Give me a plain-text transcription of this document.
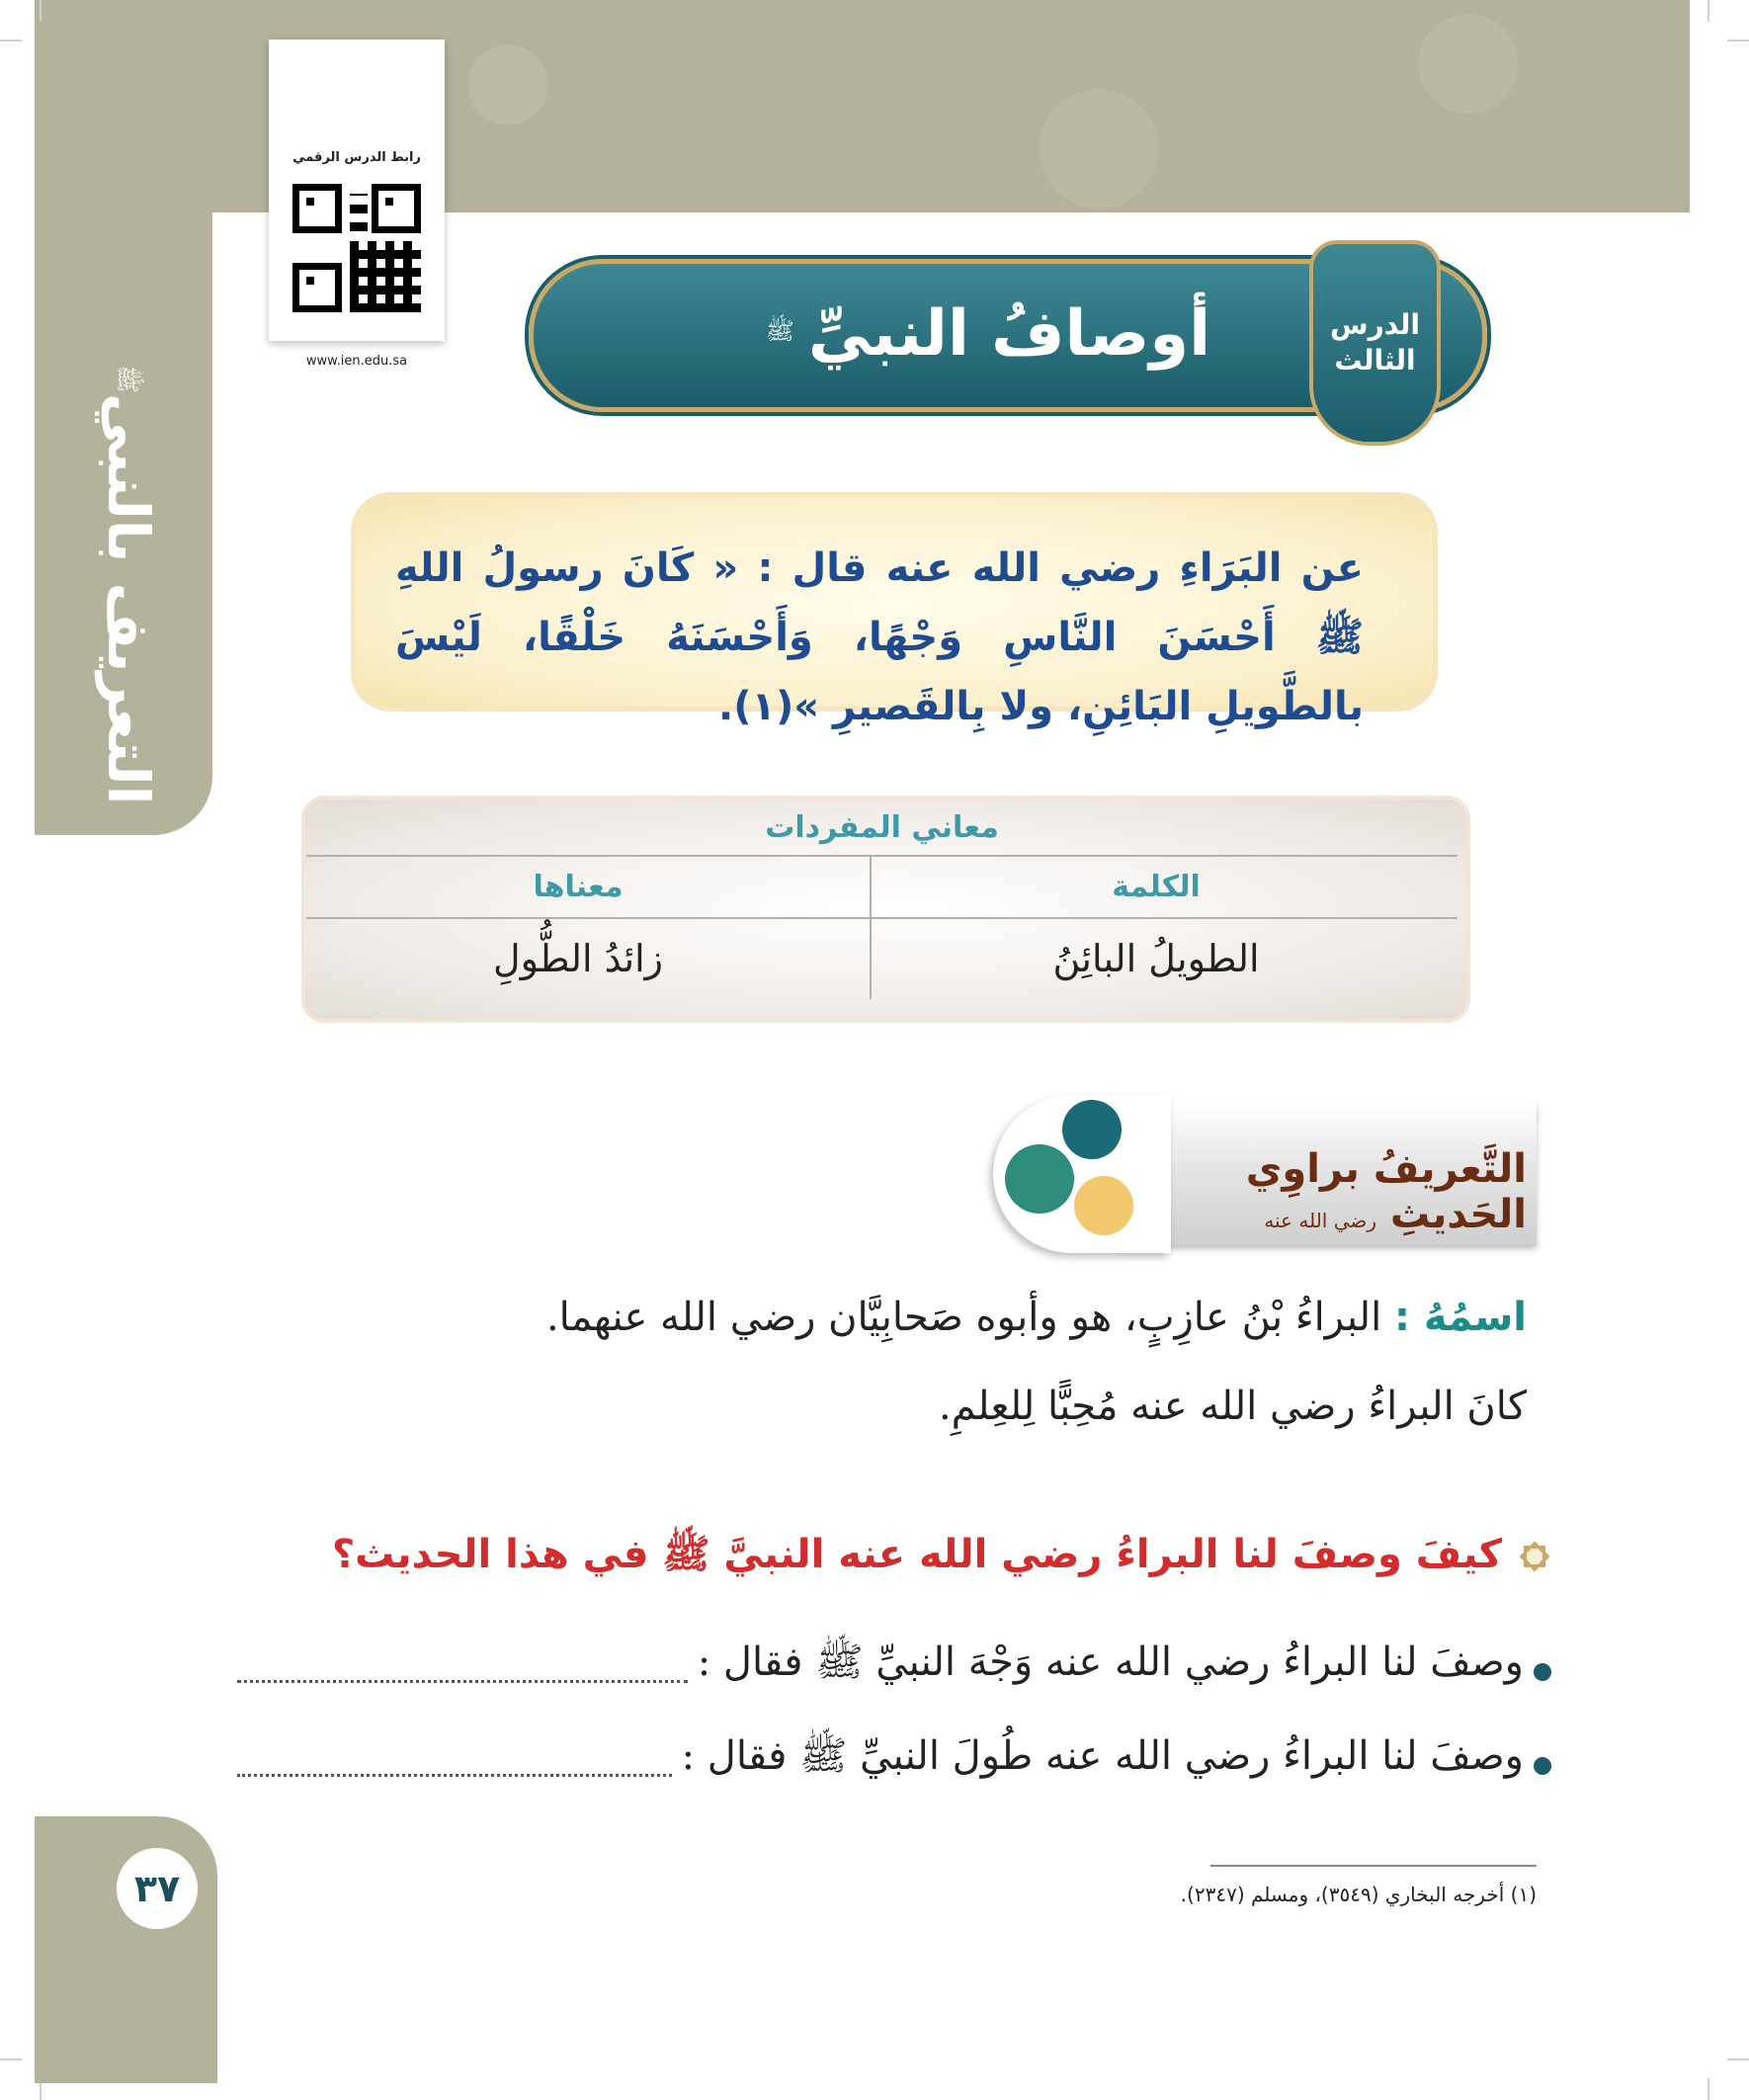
التعريف بالنبي
ﷺ
رابط الدرس الرقمي
www.ien.edu.sa	أوصافُ النبيِّ
ﷺ	الدرس
الثالث
عن البَرَاءِ رضي الله عنه قال : « كَانَ رسولُ اللهِ ﷺ أَحْسَنَ النَّاسِ وَجْهًا، وَأَحْسَنَهُ خَلْقًا، لَيْسَ بالطَّويلِ البَائِنِ، ولا بِالقَصيرِ »(١).
معاني المفردات
الكلمة
معناها
الطويلُ البائِنُ
زائدُ الطُّولِ
التَّعريفُ براوِي الحَديثِ رضي الله عنه
اسمُهُ : البراءُ بْنُ عازِبٍ، هو وأبوه صَحابِيَّان رضي الله عنهما.
كانَ البراءُ رضي الله عنه مُحِبًّا لِلعِلمِ.
كيفَ وصفَ لنا البراءُ رضي الله عنه النبيَّ ﷺ في هذا الحديث؟
وصفَ لنا البراءُ رضي الله عنه وَجْهَ النبيِّ ﷺ فقال :
وصفَ لنا البراءُ رضي الله عنه طُولَ النبيِّ ﷺ فقال :
(١) أخرجه البخاري (٣٥٤٩)، ومسلم (٢٣٤٧).
٣٧
